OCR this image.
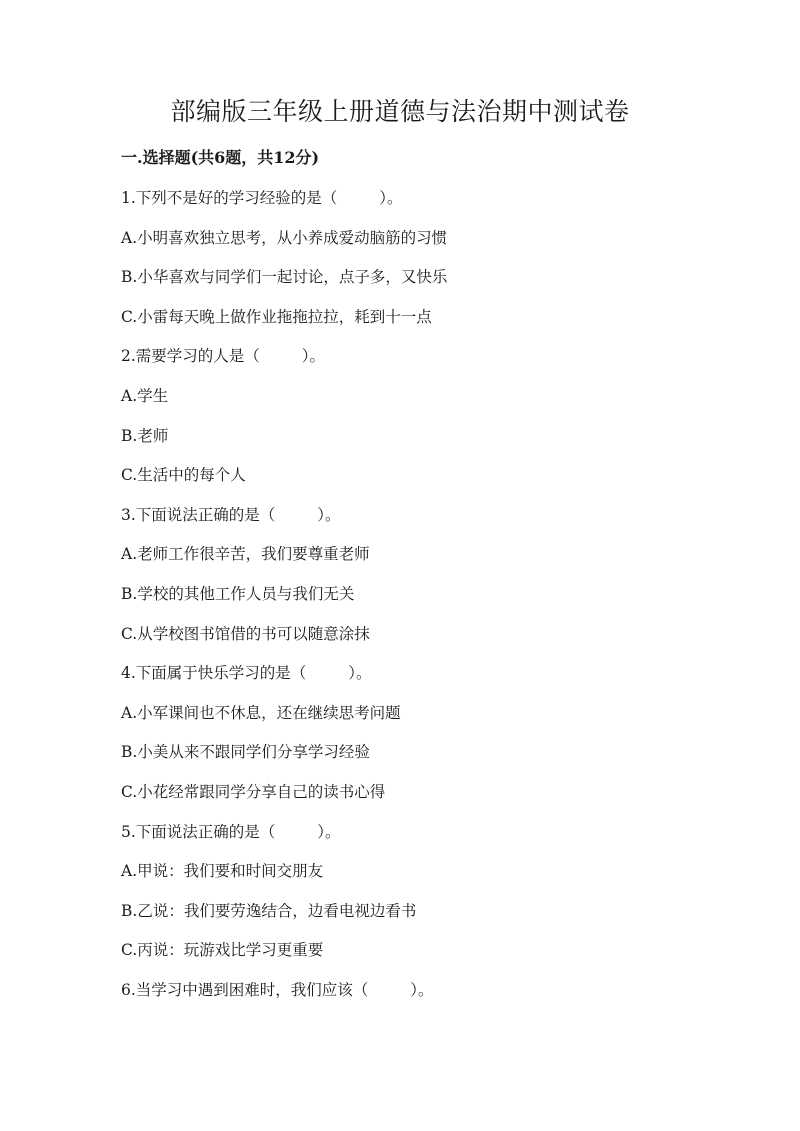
部编版三年级上册道德与法治期中测试卷
一.选择题(共6题，共12分)
1.下列不是好的学习经验的是（	）。
A.小明喜欢独立思考，从小养成爱动脑筋的习惯
B.小华喜欢与同学们一起讨论，点子多，又快乐
C.小雷每天晚上做作业拖拖拉拉，耗到十一点
2.需要学习的人是（	）。
A.学生
B.老师
C.生活中的每个人
3.下面说法正确的是（	）。
A.老师工作很辛苦，我们要尊重老师
B.学校的其他工作人员与我们无关
C.从学校图书馆借的书可以随意涂抹
4.下面属于快乐学习的是（	）。
A.小军课间也不休息，还在继续思考问题
B.小美从来不跟同学们分享学习经验
C.小花经常跟同学分享自己的读书心得
5.下面说法正确的是（	）。
A.甲说：我们要和时间交朋友
B.乙说：我们要劳逸结合，边看电视边看书
C.丙说：玩游戏比学习更重要
6.当学习中遇到困难时，我们应该（	）。
